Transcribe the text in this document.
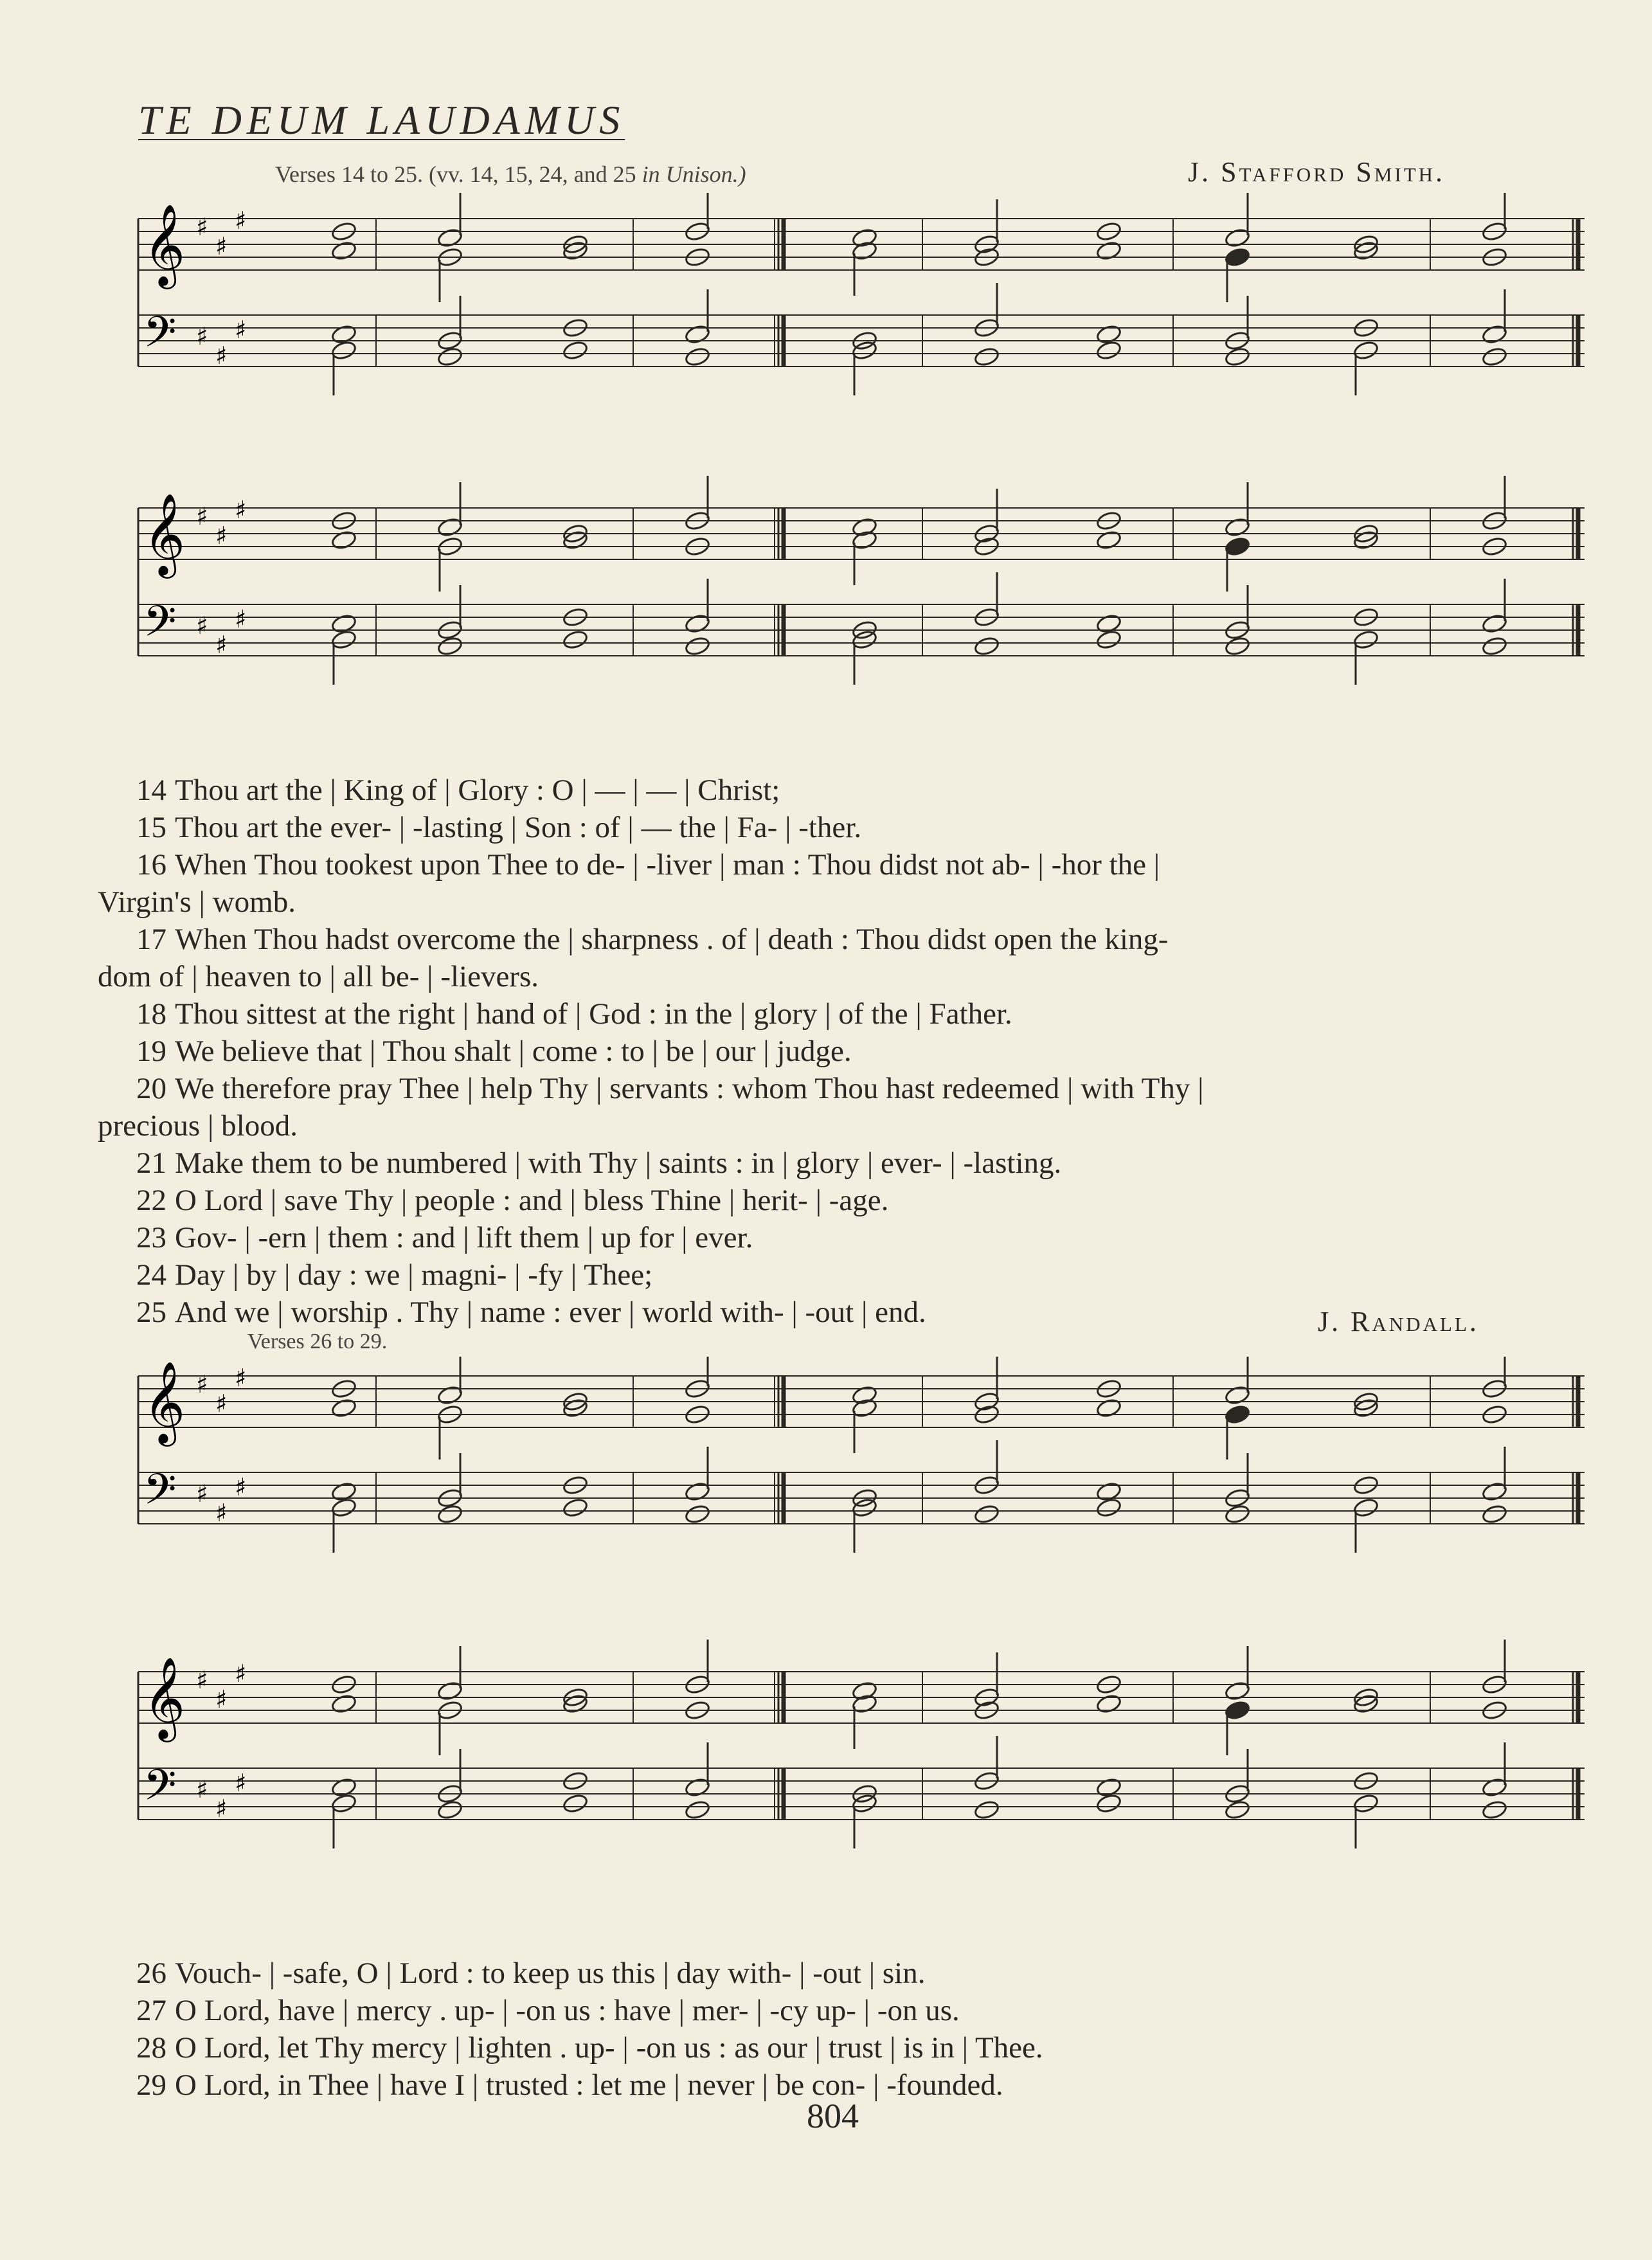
TE DEUM LAUDAMUS
Verses 14 to 25. (vv. 14, 15, 24, and 25 in Unison.)	J. Stafford Smith.
𝄞
𝄢
♯
♯
♯
♯
♯
♯
𝄞
𝄢
♯
♯
♯
♯
♯
♯
14 Thou art the | King of | Glory : O | — | — | Christ;
15 Thou art the ever- | -lasting | Son : of | — the | Fa- | -ther.
16 When Thou tookest upon Thee to de- | -liver | man : Thou didst not ab- | -hor the |
Virgin's | womb.
17 When Thou hadst overcome the | sharpness . of | death : Thou didst open the king-
dom of | heaven to | all be- | -lievers.
18 Thou sittest at the right | hand of | God : in the | glory | of the | Father.
19 We believe that | Thou shalt | come : to | be | our | judge.
20 We therefore pray Thee | help Thy | servants : whom Thou hast redeemed | with Thy |
precious | blood.
21 Make them to be numbered | with Thy | saints : in | glory | ever- | -lasting.
22 O Lord | save Thy | people : and | bless Thine | herit- | -age.
23 Gov- | -ern | them : and | lift them | up for | ever.
24 Day | by | day : we | magni- | -fy | Thee;
25 And we | worship . Thy | name : ever | world with- | -out | end.	J. Randall.
Verses 26 to 29.
𝄞
𝄢
♯
♯
♯
♯
♯
♯
𝄞
𝄢
♯
♯
♯
♯
♯
♯
26 Vouch- | -safe, O | Lord : to keep us this | day with- | -out | sin.
27 O Lord, have | mercy . up- | -on us : have | mer- | -cy up- | -on us.
28 O Lord, let Thy mercy | lighten . up- | -on us : as our | trust | is in | Thee.
29 O Lord, in Thee | have I | trusted : let me | never | be con- | -founded.
804
